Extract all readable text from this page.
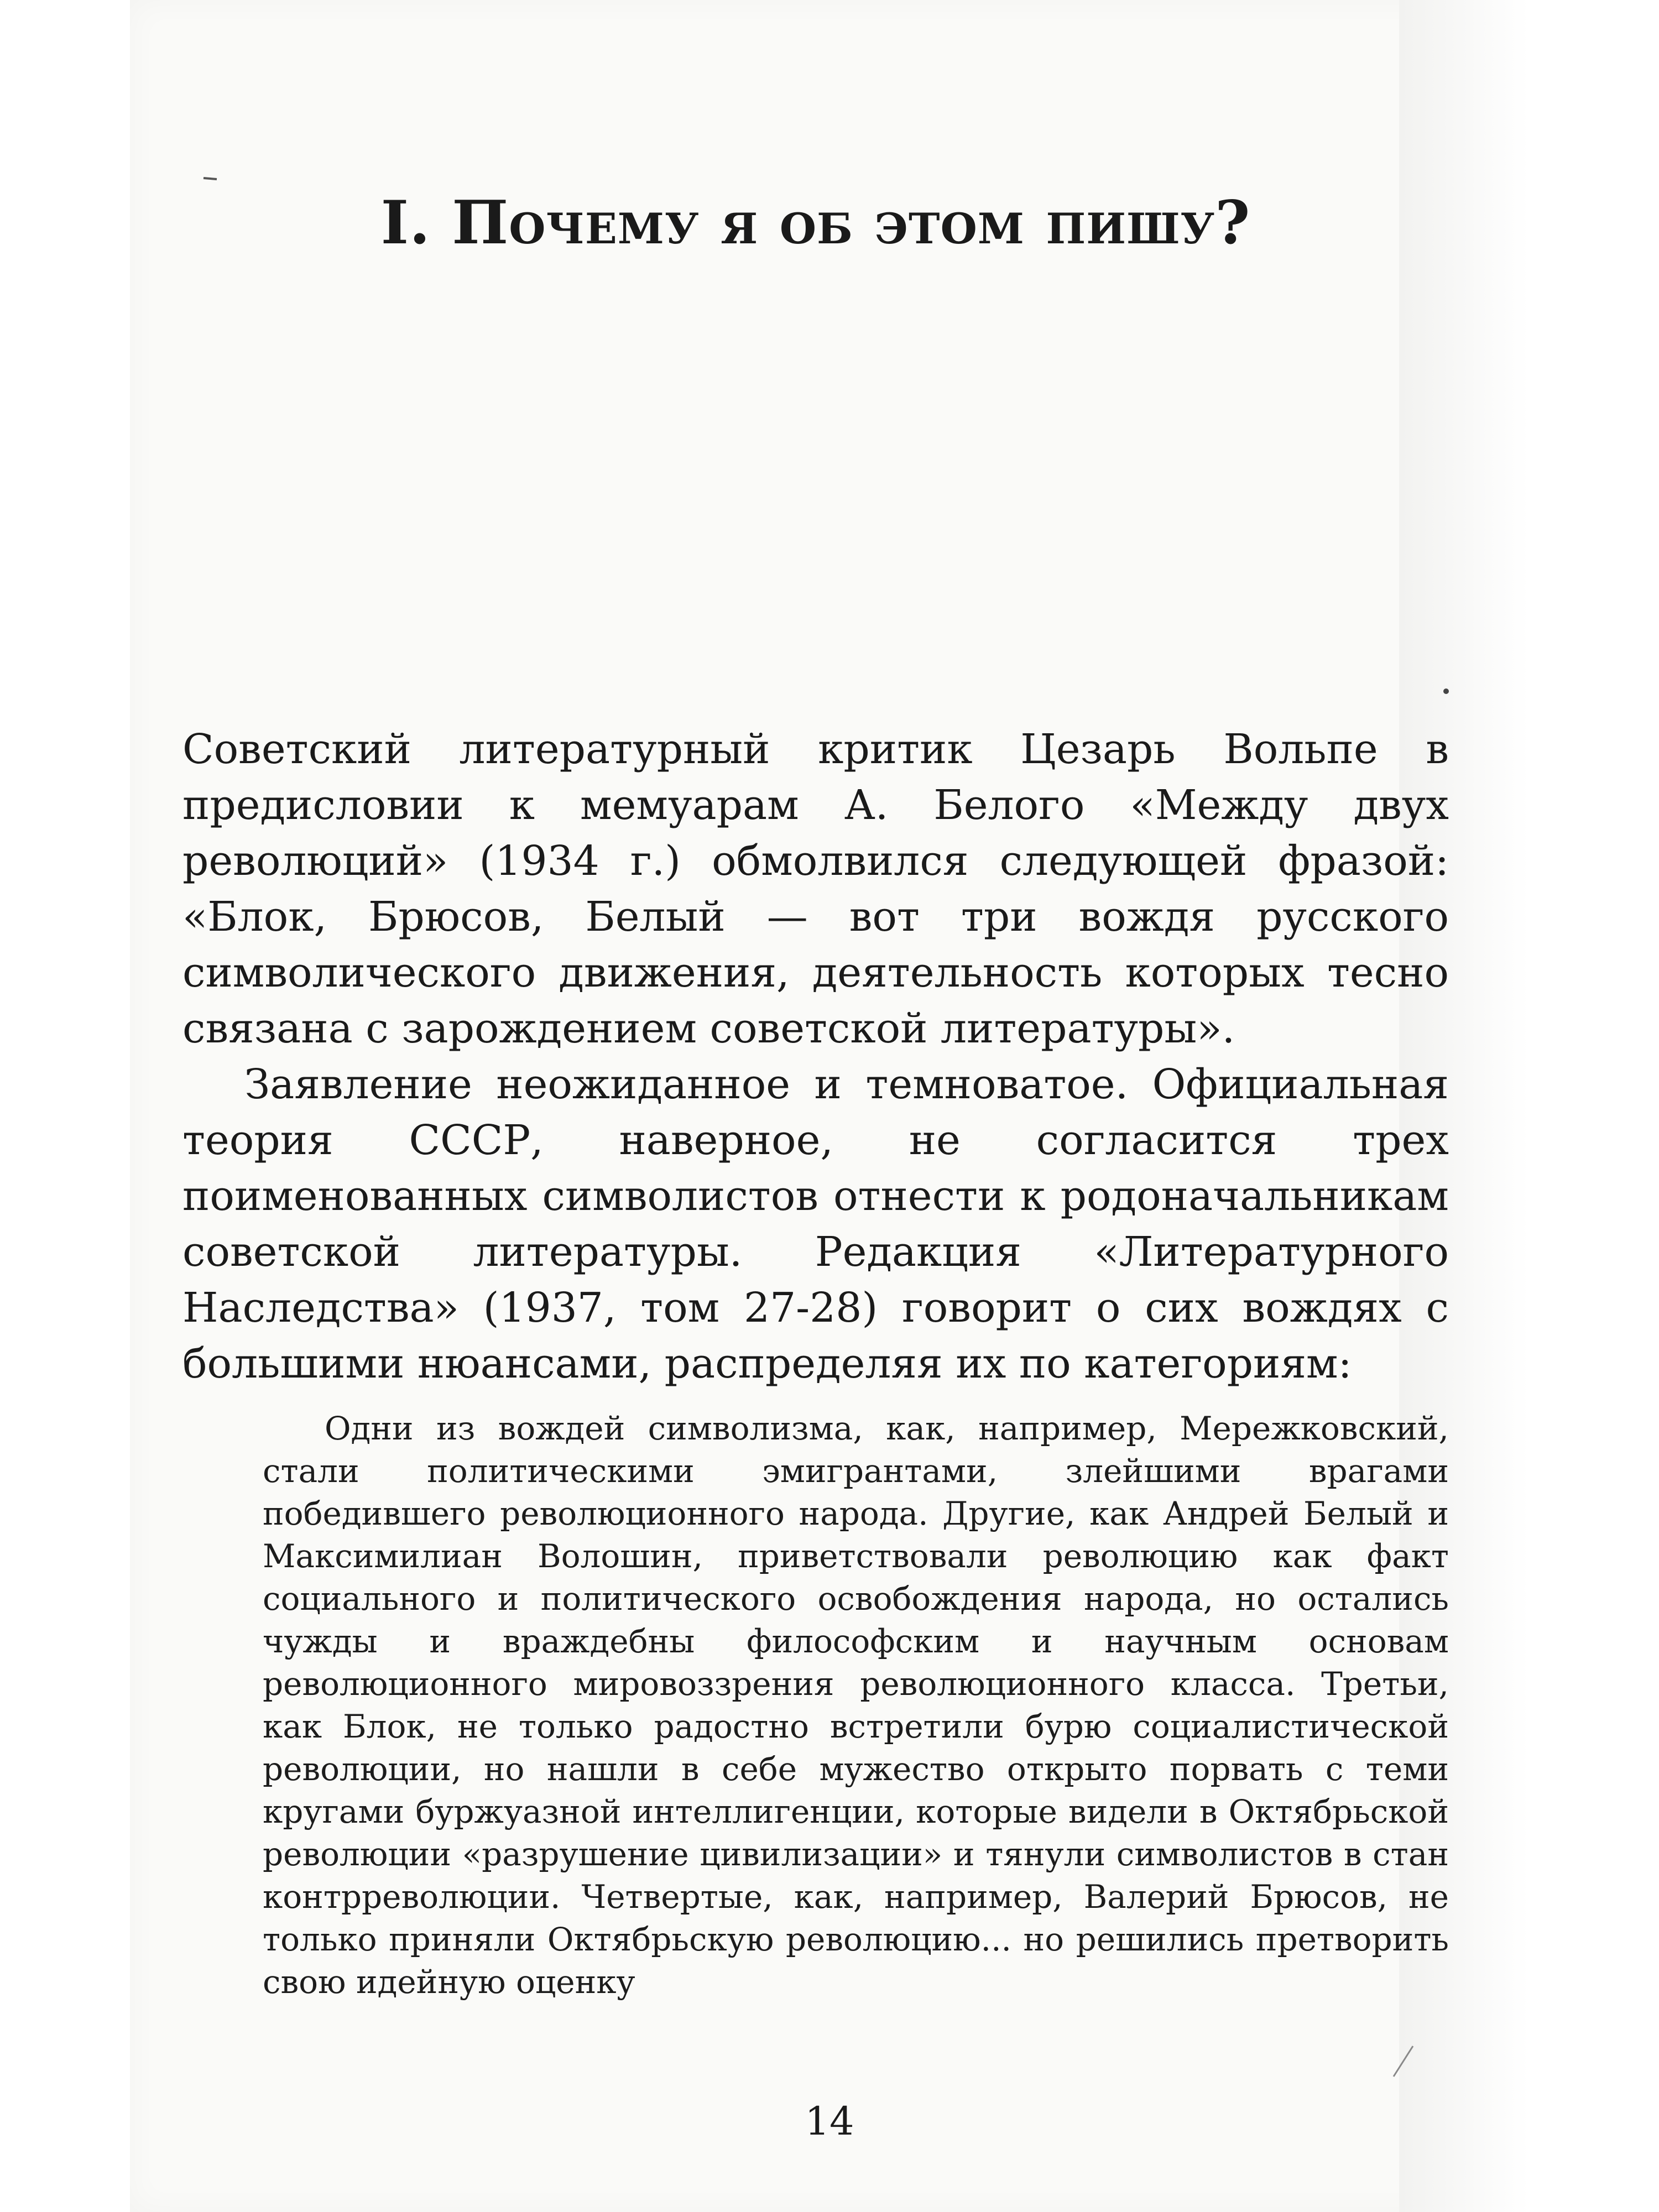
I. Почему я об этом пишу?

Советский литературный критик Цезарь Вольпе в предисловии к мемуарам А. Белого «Между двух революций» (1934 г.) обмолвился следующей фразой: «Блок, Брюсов, Белый — вот три вождя русского символического движения, деятельность которых тесно связана с зарождением советской литературы».

Заявление неожиданное и темноватое. Официальная теория СССР, наверное, не согласится трех поименованных символистов отнести к родоначальникам советской литературы. Редакция «Литературного Наследства» (1937, том 27-28) говорит о сих вождях с большими нюансами, распределяя их по категориям:

Одни из вождей символизма, как, например, Мережковский, стали политическими эмигрантами, злейшими врагами победившего революционного народа. Другие, как Андрей Белый и Максимилиан Волошин, приветствовали революцию как факт социального и политического освобождения народа, но остались чужды и враждебны философским и научным основам революционного мировоззрения революционного класса. Третьи, как Блок, не только радостно встретили бурю социалистической революции, но нашли в себе мужество открыто порвать с теми кругами буржуазной интеллигенции, которые видели в Октябрьской революции «разрушение цивилизации» и тянули символистов в стан контрреволюции. Четвертые, как, например, Валерий Брюсов, не только приняли Октябрьскую революцию... но решились претворить свою идейную оценку

14
